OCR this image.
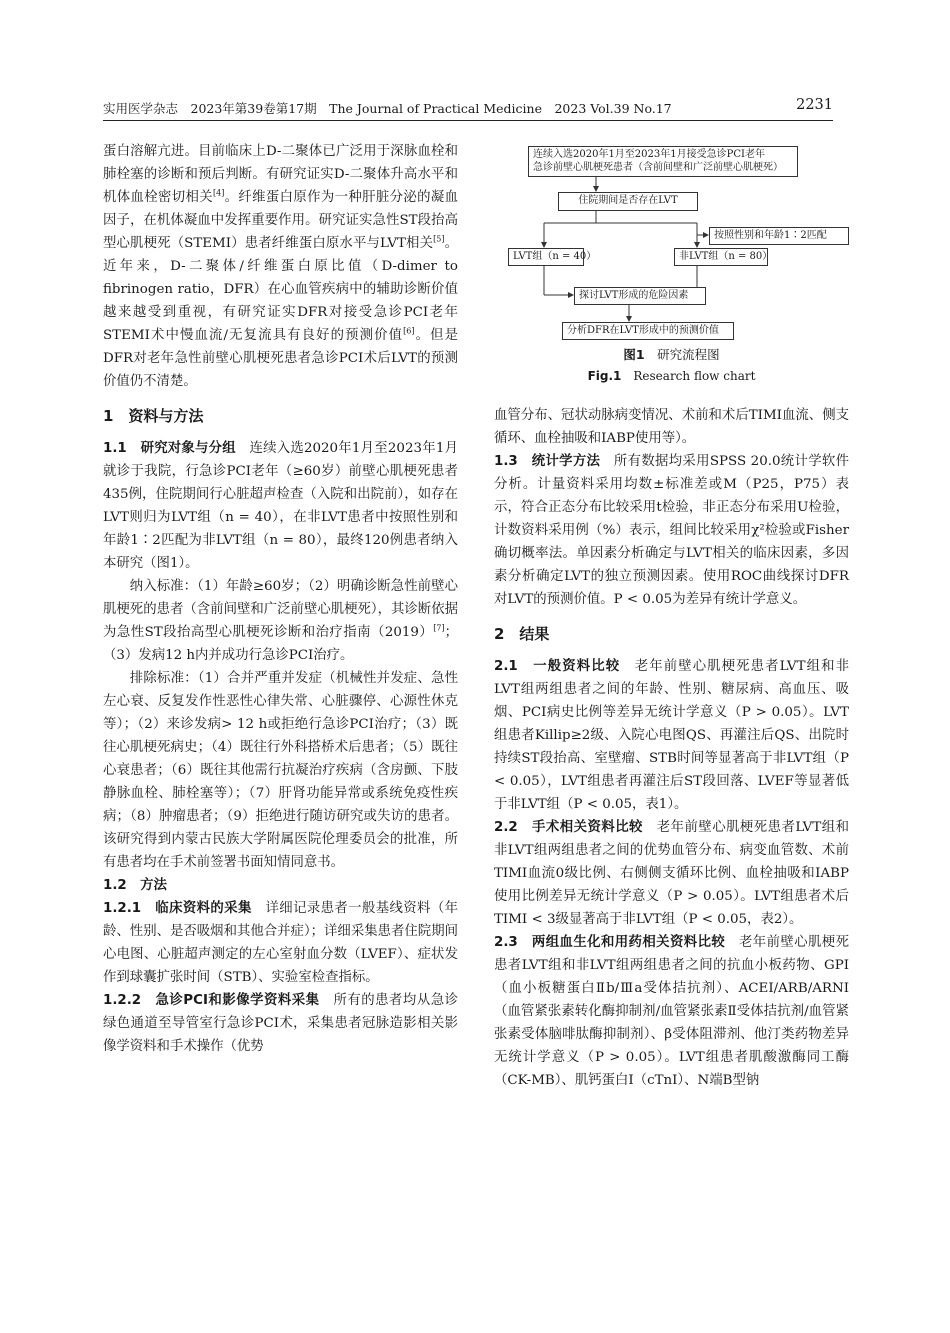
实用医学杂志　2023年第39卷第17期　The Journal of Practical Medicine　2023 Vol.39 No.17	2231

蛋白溶解亢进。目前临床上D-二聚体已广泛用于深脉血栓和肺栓塞的诊断和预后判断。有研究证实D-二聚体升高水平和机体血栓密切相关[4]。纤维蛋白原作为一种肝脏分泌的凝血因子，在机体凝血中发挥重要作用。研究证实急性ST段抬高型心肌梗死（STEMI）患者纤维蛋白原水平与LVT相关[5]。近年来，D-二聚体/纤维蛋白原比值（D-dimer to fibrinogen ratio，DFR）在心血管疾病中的辅助诊断价值越来越受到重视，有研究证实DFR对接受急诊PCI老年STEMI术中慢血流/无复流具有良好的预测价值[6]。但是DFR对老年急性前壁心肌梗死患者急诊PCI术后LVT的预测价值仍不清楚。

1　资料与方法

1.1　研究对象与分组　连续入选2020年1月至2023年1月就诊于我院，行急诊PCI老年（≥60岁）前壁心肌梗死患者435例，住院期间行心脏超声检查（入院和出院前），如存在LVT则归为LVT组（n = 40），在非LVT患者中按照性别和年龄1∶2匹配为非LVT组（n = 80），最终120例患者纳入本研究（图1）。

纳入标准：（1）年龄≥60岁；（2）明确诊断急性前壁心肌梗死的患者（含前间壁和广泛前壁心肌梗死），其诊断依据为急性ST段抬高型心肌梗死诊断和治疗指南（2019）[7]；（3）发病12 h内并成功行急诊PCI治疗。

排除标准：（1）合并严重并发症（机械性并发症、急性左心衰、反复发作性恶性心律失常、心脏骤停、心源性休克等）；（2）来诊发病> 12 h或拒绝行急诊PCI治疗；（3）既往心肌梗死病史；（4）既往行外科搭桥术后患者；（5）既往心衰患者；（6）既往其他需行抗凝治疗疾病（含房颤、下肢静脉血栓、肺栓塞等）；（7）肝肾功能异常或系统免疫性疾病；（8）肿瘤患者；（9）拒绝进行随访研究或失访的患者。该研究得到内蒙古民族大学附属医院伦理委员会的批准，所有患者均在手术前签署书面知情同意书。

1.2　方法

1.2.1　临床资料的采集　详细记录患者一般基线资料（年龄、性别、是否吸烟和其他合并症）；详细采集患者住院期间心电图、心脏超声测定的左心室射血分数（LVEF）、症状发作到球囊扩张时间（STB）、实验室检查指标。

1.2.2　急诊PCI和影像学资料采集　所有的患者均从急诊绿色通道至导管室行急诊PCI术，采集患者冠脉造影相关影像学资料和手术操作（优势

连续入选2020年1月至2023年1月接受急诊PCI老年
急诊前壁心肌梗死患者（含前间壁和广泛前壁心肌梗死）
住院期间是否存在LVT
按照性别和年龄1∶2匹配
LVT组（n = 40）	非LVT组（n = 80）
探讨LVT形成的危险因素
分析DFR在LVT形成中的预测价值
图1　 研究流程图
Fig.1　 Research flow chart

血管分布、冠状动脉病变情况、术前和术后TIMI血流、侧支循环、血栓抽吸和IABP使用等）。

1.3　统计学方法　所有数据均采用SPSS 20.0统计学软件分析。计量资料采用均数±标准差或M（P25，P75）表示，符合正态分布比较采用t检验，非正态分布采用U检验，计数资料采用例（%）表示，组间比较采用χ²检验或Fisher确切概率法。单因素分析确定与LVT相关的临床因素，多因素分析确定LVT的独立预测因素。使用ROC曲线探讨DFR对LVT的预测价值。P < 0.05为差异有统计学意义。

2　结果

2.1　一般资料比较　老年前壁心肌梗死患者LVT组和非LVT组两组患者之间的年龄、性别、糖尿病、高血压、吸烟、PCI病史比例等差异无统计学意义（P > 0.05）。LVT组患者Killip≥2级、入院心电图QS、再灌注后QS、出院时持续ST段抬高、室壁瘤、STB时间等显著高于非LVT组（P < 0.05），LVT组患者再灌注后ST段回落、LVEF等显著低于非LVT组（P < 0.05，表1）。

2.2　手术相关资料比较　老年前壁心肌梗死患者LVT组和非LVT组两组患者之间的优势血管分布、病变血管数、术前TIMI血流0级比例、右侧侧支循环比例、血栓抽吸和IABP使用比例差异无统计学意义（P > 0.05）。LVT组患者术后TIMI < 3级显著高于非LVT组（P < 0.05，表2）。

2.3　两组血生化和用药相关资料比较　老年前壁心肌梗死患者LVT组和非LVT组两组患者之间的抗血小板药物、GPI（血小板糖蛋白Ⅱb/Ⅲa受体拮抗剂）、ACEI/ARB/ARNI（血管紧张素转化酶抑制剂/血管紧张素Ⅱ受体拮抗剂/血管紧张素受体脑啡肽酶抑制剂）、β受体阻滞剂、他汀类药物差异无统计学意义（P > 0.05）。LVT组患者肌酸激酶同工酶（CK-MB）、肌钙蛋白I（cTnI）、N端B型钠
